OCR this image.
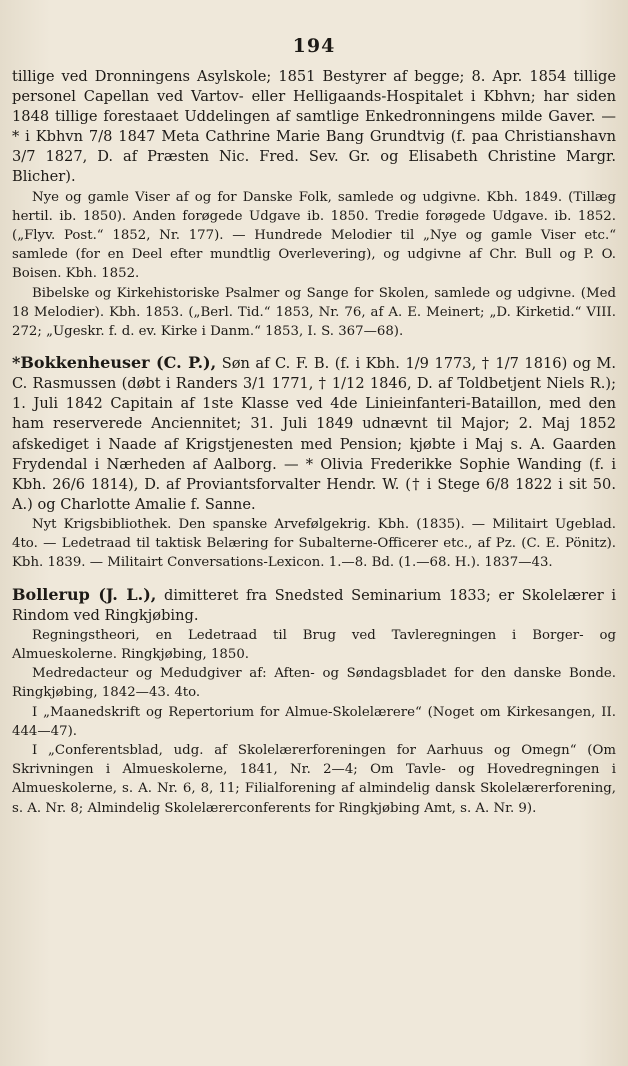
194

tillige ved Dronningens Asylskole; 1851 Bestyrer af begge; 8. Apr. 1854 tillige personel Capellan ved Vartov- eller Helligaands-Hospitalet i Kbhvn; har siden 1848 tillige forestaaet Uddelingen af samtlige Enkedronningens milde Gaver. — * i Kbhvn 7/8 1847 Meta Cathrine Marie Bang Grundtvig (f. paa Christianshavn 3/7 1827, D. af Præsten Nic. Fred. Sev. Gr. og Elisabeth Christine Margr. Blicher).

Nye og gamle Viser af og for Danske Folk, samlede og udgivne. Kbh. 1849. (Tillæg hertil. ib. 1850). Anden forøgede Udgave ib. 1850. Tredie forøgede Udgave. ib. 1852. („Flyv. Post.“ 1852, Nr. 177). — Hundrede Melodier til „Nye og gamle Viser etc.“ samlede (for en Deel efter mundtlig Overlevering), og udgivne af Chr. Bull og P. O. Boisen. Kbh. 1852.

Bibelske og Kirkehistoriske Psalmer og Sange for Skolen, samlede og udgivne. (Med 18 Melodier). Kbh. 1853. („Berl. Tid.“ 1853, Nr. 76, af A. E. Meinert; „D. Kirketid.“ VIII. 272; „Ugeskr. f. d. ev. Kirke i Danm.“ 1853, I. S. 367—68).

*Bokkenheuser (C. P.), Søn af C. F. B. (f. i Kbh. 1/9 1773, † 1/7 1816) og M. C. Rasmussen (døbt i Randers 3/1 1771, † 1/12 1846, D. af Toldbetjent Niels R.); 1. Juli 1842 Capitain af 1ste Klasse ved 4de Linieinfanteri-Bataillon, med den ham reserverede Anciennitet; 31. Juli 1849 udnævnt til Major; 2. Maj 1852 afskediget i Naade af Krigstjenesten med Pension; kjøbte i Maj s. A. Gaarden Frydendal i Nærheden af Aalborg. — * Olivia Frederikke Sophie Wanding (f. i Kbh. 26/6 1814), D. af Proviantsforvalter Hendr. W. († i Stege 6/8 1822 i sit 50. A.) og Charlotte Amalie f. Sanne.

Nyt Krigsbibliothek. Den spanske Arvefølgekrig. Kbh. (1835). — Militairt Ugeblad. 4to. — Ledetraad til taktisk Belæring for Subalterne-Officerer etc., af Pz. (C. E. Pönitz). Kbh. 1839. — Militairt Conversations-Lexicon. 1.—8. Bd. (1.—68. H.). 1837—43.

Bollerup (J. L.), dimitteret fra Snedsted Seminarium 1833; er Skolelærer i Rindom ved Ringkjøbing.

Regningstheori, en Ledetraad til Brug ved Tavleregningen i Borger- og Almueskolerne. Ringkjøbing, 1850.

Medredacteur og Medudgiver af: Aften- og Søndagsbladet for den danske Bonde. Ringkjøbing, 1842—43. 4to.

I „Maanedskrift og Repertorium for Almue-Skolelærere“ (Noget om Kirkesangen, II. 444—47).

I „Conferentsblad, udg. af Skolelærerforeningen for Aarhuus og Omegn“ (Om Skrivningen i Almueskolerne, 1841, Nr. 2—4; Om Tavle- og Hovedregningen i Almueskolerne, s. A. Nr. 6, 8, 11; Filialforening af almindelig dansk Skolelærerforening, s. A. Nr. 8; Almindelig Skolelærerconferents for Ringkjøbing Amt, s. A. Nr. 9).
